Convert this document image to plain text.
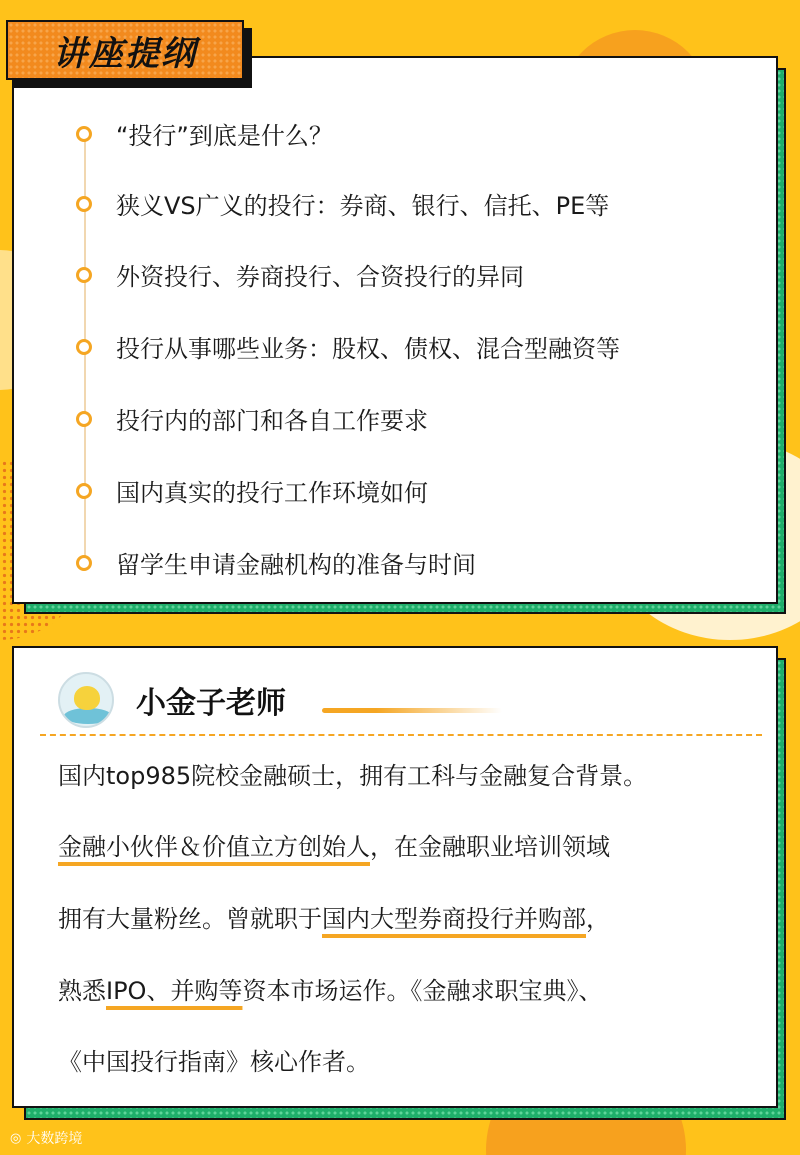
讲座提纲
“投行”到底是什么？
狭义VS广义的投行：券商、银行、信托、PE等
外资投行、券商投行、合资投行的异同
投行从事哪些业务：股权、债权、混合型融资等
投行内的部门和各自工作要求
国内真实的投行工作环境如何
留学生申请金融机构的准备与时间
小金子老师
国内top985院校金融硕士，拥有工科与金融复合背景。
金融小伙伴＆价值立方创始人，在金融职业培训领域
拥有大量粉丝。曾就职于国内大型券商投行并购部，
熟悉IPO、并购等资本市场运作。《金融求职宝典》、
《中国投行指南》核心作者。
◎ 大数跨境
